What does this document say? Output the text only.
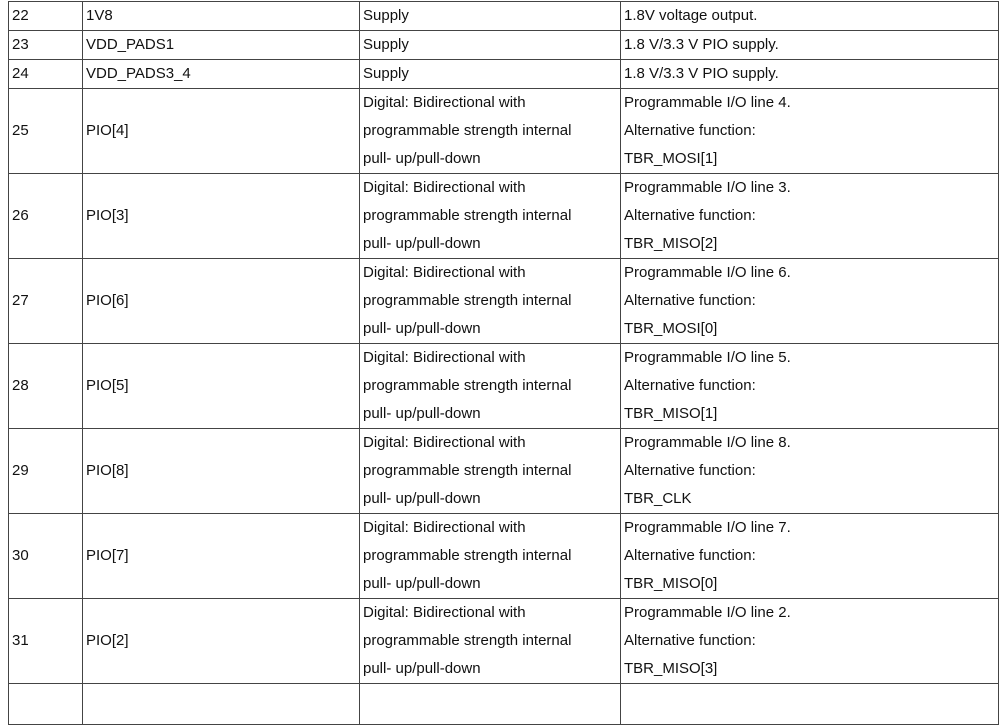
22	1V8	Supply	1.8V voltage output.

23	VDD_PADS1	Supply	1.8 V/3.3 V PIO supply.

24	VDD_PADS3_4	Supply	1.8 V/3.3 V PIO supply.

25	PIO[4]	Digital: Bidirectional with
programmable strength internal
pull- up/pull-down	Programmable I/O line 4.
Alternative function:
TBR_MOSI[1]

26	PIO[3]	Digital: Bidirectional with
programmable strength internal
pull- up/pull-down	Programmable I/O line 3.
Alternative function:
TBR_MISO[2]

27	PIO[6]	Digital: Bidirectional with
programmable strength internal
pull- up/pull-down	Programmable I/O line 6.
Alternative function:
TBR_MOSI[0]

28	PIO[5]	Digital: Bidirectional with
programmable strength internal
pull- up/pull-down	Programmable I/O line 5.
Alternative function:
TBR_MISO[1]

29	PIO[8]	Digital: Bidirectional with
programmable strength internal
pull- up/pull-down	Programmable I/O line 8.
Alternative function:
TBR_CLK

30	PIO[7]	Digital: Bidirectional with
programmable strength internal
pull- up/pull-down	Programmable I/O line 7.
Alternative function:
TBR_MISO[0]

31	PIO[2]	Digital: Bidirectional with
programmable strength internal
pull- up/pull-down	Programmable I/O line 2.
Alternative function:
TBR_MISO[3]
